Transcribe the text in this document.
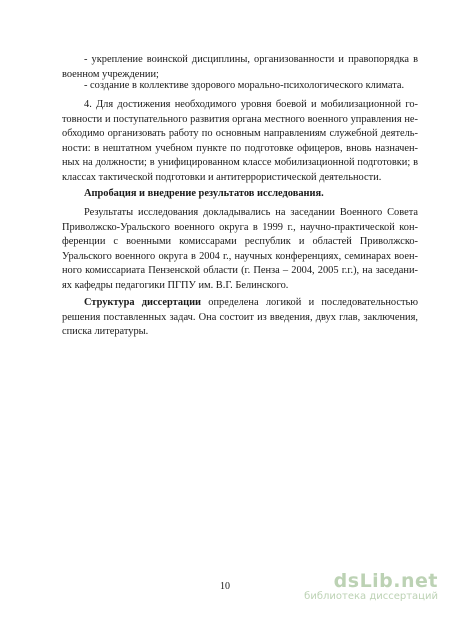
- укрепление воинской дисциплины, организованности и правопорядка в
военном учреждении;
- создание в коллективе здорового морально-психологического климата.
4. Для достижения необходимого уровня боевой и мобилизационной го-
товности и поступательного развития органа местного военного управления не-
обходимо организовать работу по основным направлениям служебной деятель-
ности: в нештатном учебном пункте по подготовке офицеров, вновь назначен-
ных на должности; в унифицированном классе мобилизационной подготовки; в
классах тактической подготовки и антитеррористической деятельности.
Апробация и внедрение результатов исследования.
Результаты исследования докладывались на заседании Военного Совета
Приволжско-Уральского военного округа в 1999 г., научно-практической кон-
ференции с военными комиссарами республик и областей Приволжско-
Уральского военного округа в 2004 г., научных конференциях, семинарах воен-
ного комиссариата Пензенской области (г. Пенза – 2004, 2005 г.г.), на заседани-
ях кафедры педагогики ПГПУ им. В.Г. Белинского.
Структура диссертации определена логикой и последовательностью
решения поставленных задач. Она состоит из введения, двух глав, заключения,
списка литературы.
10	dsLib.net
библиотека диссертаций
